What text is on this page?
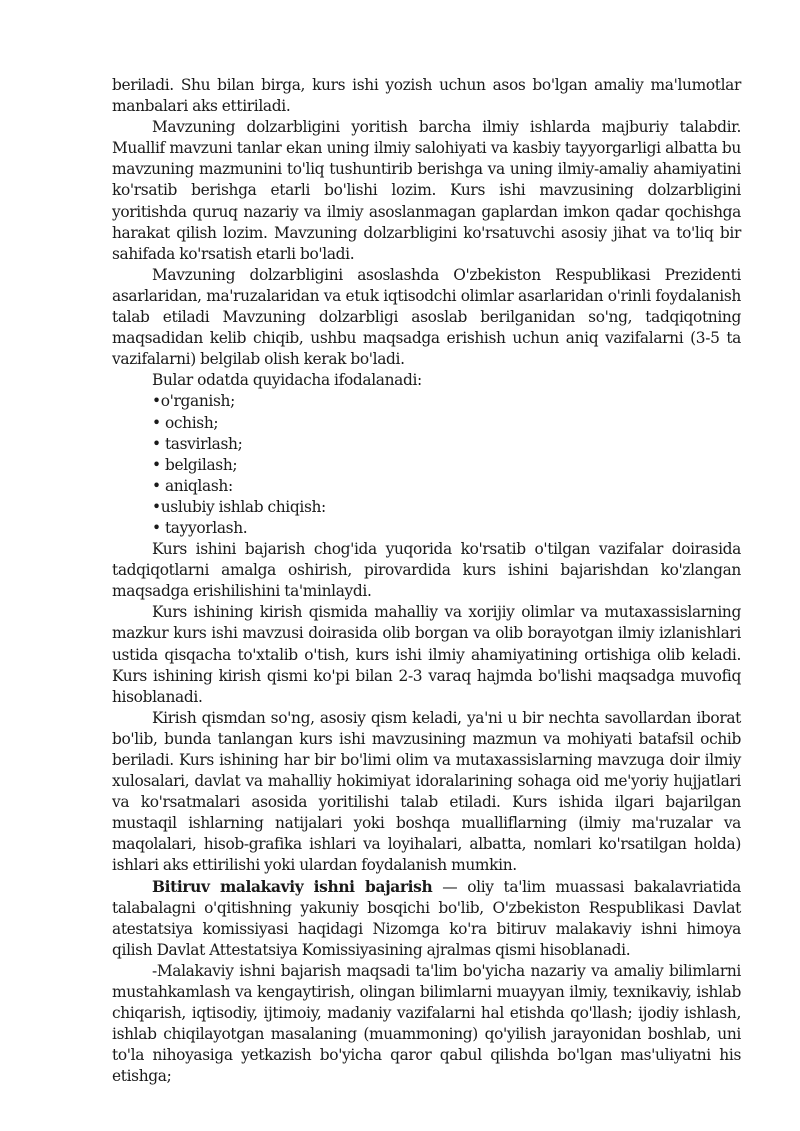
beriladi. Shu bilan birga, kurs ishi yozish uchun asos bo'lgan amaliy ma'lumotlar manbalari aks ettiriladi.

Mavzuning dolzarbligini yoritish barcha ilmiy ishlarda majburiy talabdir. Muallif mavzuni tanlar ekan uning ilmiy salohiyati va kasbiy tayyorgarligi albatta bu mavzuning mazmunini to'liq tushuntirib berishga va uning ilmiy-amaliy ahamiyatini ko'rsatib berishga etarli bo'lishi lozim. Kurs ishi mavzusining dolzarbligini yoritishda quruq nazariy va ilmiy asoslanmagan gaplardan imkon qadar qochishga harakat qilish lozim. Mavzuning dolzarbligini ko'rsatuvchi asosiy jihat va to'liq bir sahifada ko'rsatish etarli bo'ladi.

Mavzuning dolzarbligini asoslashda O'zbekiston Respublikasi Prezidenti asarlaridan, ma'ruzalaridan va etuk iqtisodchi olimlar asarlaridan o'rinli foydalanish talab etiladi Mavzuning dolzarbligi asoslab berilganidan so'ng, tadqiqotning maqsadidan kelib chiqib, ushbu maqsadga erishish uchun aniq vazifalarni (3-5 ta vazifalarni) belgilab olish kerak bo'ladi.

Bular odatda quyidacha ifodalanadi:

•o'rganish;

• ochish;

• tasvirlash;

• belgilash;

• aniqlash:

•uslubiy ishlab chiqish:

• tayyorlash.

Kurs ishini bajarish chog'ida yuqorida ko'rsatib o'tilgan vazifalar doirasida tadqiqotlarni amalga oshirish, pirovardida kurs ishini bajarishdan ko'zlangan maqsadga erishilishini ta'minlaydi.

Kurs ishining kirish qismida mahalliy va xorijiy olimlar va mutaxassislarning mazkur kurs ishi mavzusi doirasida olib borgan va olib borayotgan ilmiy izlanishlari ustida qisqacha to'xtalib o'tish, kurs ishi ilmiy ahamiyatining ortishiga olib keladi. Kurs ishining kirish qismi ko'pi bilan 2-3 varaq hajmda bo'lishi maqsadga muvofiq hisoblanadi.

Kirish qismdan so'ng, asosiy qism keladi, ya'ni u bir nechta savollardan iborat bo'lib, bunda tanlangan kurs ishi mavzusining mazmun va mohiyati batafsil ochib beriladi. Kurs ishining har bir bo'limi olim va mutaxassislarning mavzuga doir ilmiy xulosalari, davlat va mahalliy hokimiyat idoralarining sohaga oid me'yoriy hujjatlari va ko'rsatmalari asosida yoritilishi talab etiladi. Kurs ishida ilgari bajarilgan mustaqil ishlarning natijalari yoki boshqa mualliflarning (ilmiy ma'ruzalar va maqolalari, hisob-grafika ishlari va loyihalari, albatta, nomlari ko'rsatilgan holda) ishlari aks ettirilishi yoki ulardan foydalanish mumkin.

Bitiruv malakaviy ishni bajarish — oliy ta'lim muassasi bakalavriatida talabalagni o'qitishning yakuniy bosqichi bo'lib, O'zbekiston Respublikasi Davlat atestatsiya komissiyasi haqidagi Nizomga ko'ra bitiruv malakaviy ishni himoya qilish Davlat Attestatsiya Komissiyasining ajralmas qismi hisoblanadi.

-Malakaviy ishni bajarish maqsadi ta'lim bo'yicha nazariy va amaliy bilimlarni mustahkamlash va kengaytirish, olingan bilimlarni muayyan ilmiy, texnikaviy, ishlab chiqarish, iqtisodiy, ijtimoiy, madaniy vazifalarni hal etishda qo'llash; ijodiy ishlash, ishlab chiqilayotgan masalaning (muammoning) qo'yilish jarayonidan boshlab, uni to'la nihoyasiga yetkazish bo'yicha qaror qabul qilishda bo'lgan mas'uliyatni his etishga;
